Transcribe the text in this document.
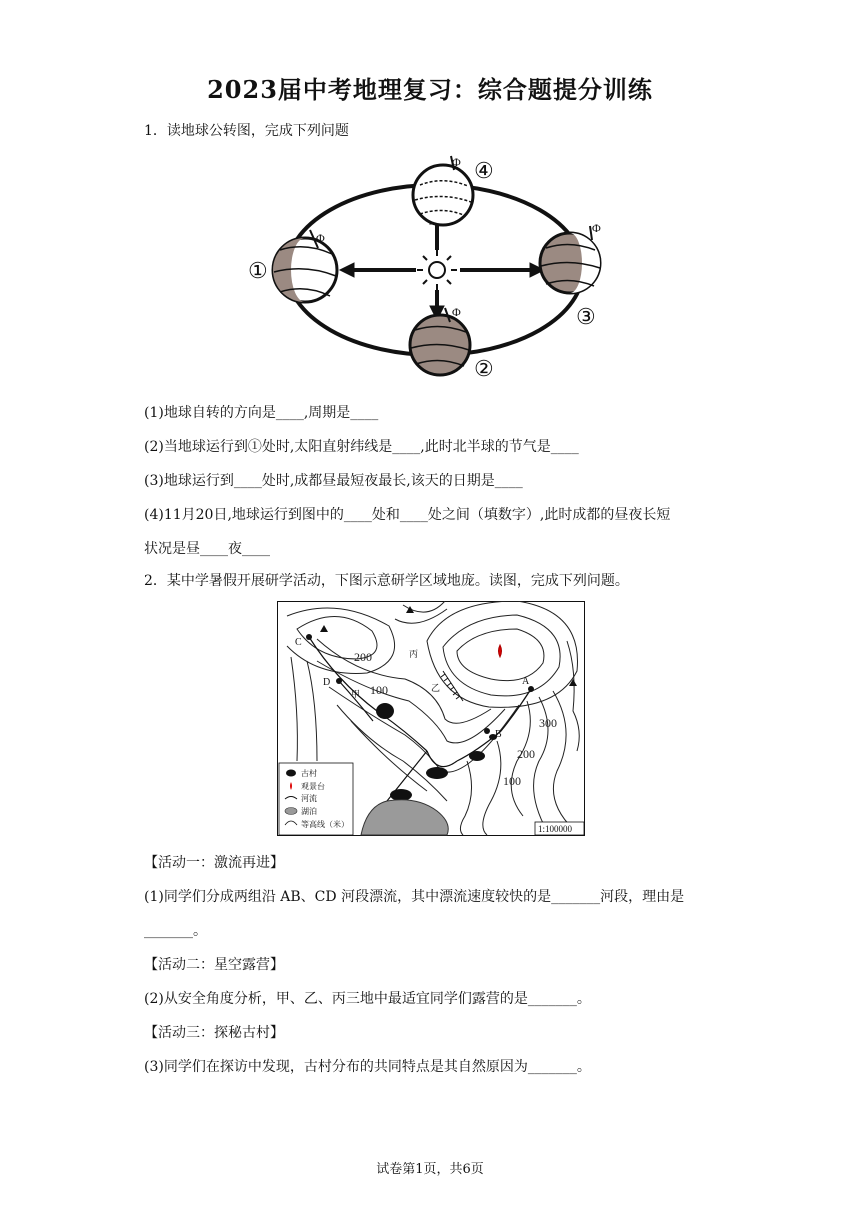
2023届中考地理复习：综合题提分训练
1．读地球公转图，完成下列问题
①
②
③
④
Φ
Φ
Φ
Φ
(1)地球自转的方向是____,周期是____
(2)当地球运行到①处时,太阳直射纬线是____,此时北半球的节气是____
(3)地球运行到____处时,成都昼最短夜最长,该天的日期是____
(4)11月20日,地球运行到图中的____处和____处之间（填数字）,此时成都的昼夜长短
状况是昼____夜____
2．某中学暑假开展研学活动，下图示意研学区域地庞。读图，完成下列问题。
C
D	A
B
甲
乙
丙
200
100
300
200
100
古村
观景台
河流
湖泊
等高线（米）	1:100000
【活动一：激流再进】
(1)同学们分成两组沿 AB、CD 河段漂流，其中漂流速度较快的是_______河段，理由是
_______。
【活动二：星空露营】
(2)从安全角度分析，甲、乙、丙三地中最适宜同学们露营的是_______。
【活动三：探秘古村】
(3)同学们在探访中发现，古村分布的共同特点是其自然原因为_______。
试卷第1页，共6页
